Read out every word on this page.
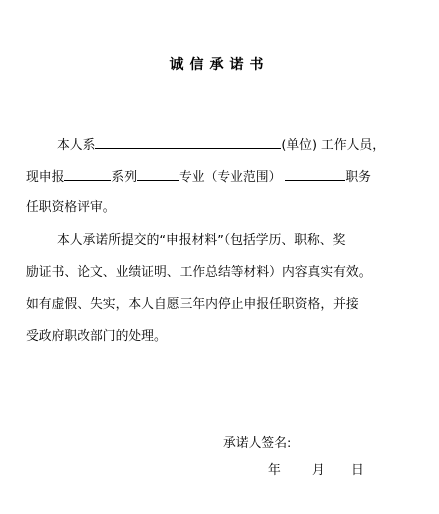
诚信承诺书
本人系	(单位) 工作人员，
现申报	系列	专业（专业范围）	职务
任职资格评审。
本人承诺所提交的“申报材料”（包括学历、职称、奖
励证书、论文、业绩证明、工作总结等材料）内容真实有效。
如有虚假、失实，本人自愿三年内停止申报任职资格，并接
受政府职改部门的处理。
承诺人签名:
年 月 日
